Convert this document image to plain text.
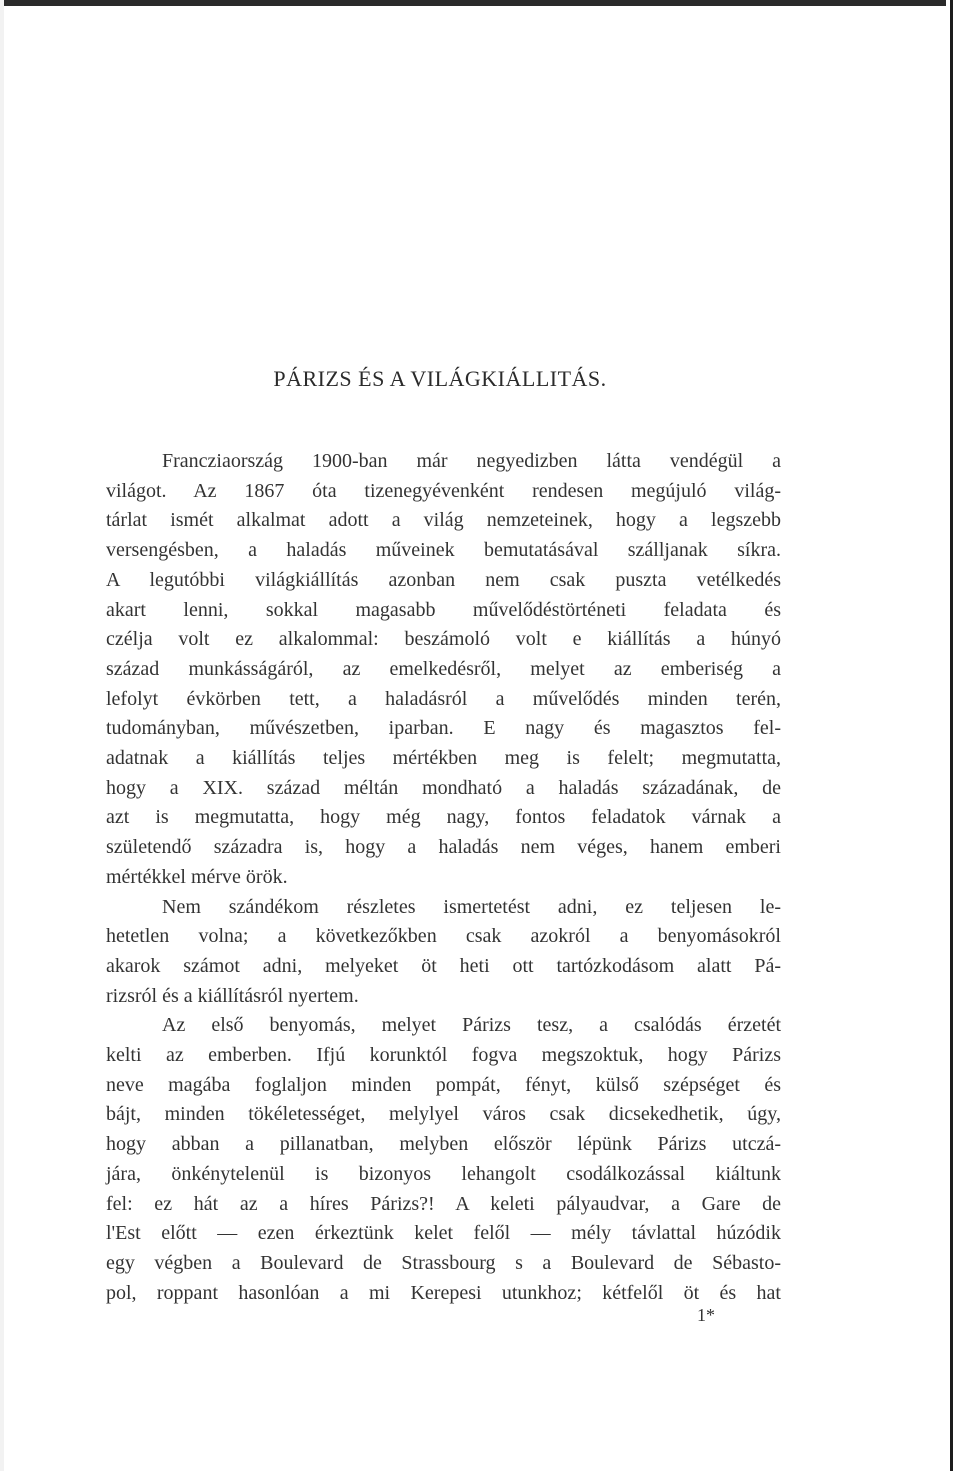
PÁRIZS ÉS A VILÁGKIÁLLITÁS.
Francziaország 1900-ban már negyedizben látta vendégül a
világot. Az 1867 óta tizenegyévenként rendesen megújuló világ-
tárlat ismét alkalmat adott a világ nemzeteinek, hogy a legszebb
versengésben, a haladás műveinek bemutatásával szálljanak síkra.
A legutóbbi világkiállítás azonban nem csak puszta vetélkedés
akart lenni, sokkal magasabb művelődéstörténeti feladata és
czélja volt ez alkalommal: beszámoló volt e kiállítás a húnyó
század munkásságáról, az emelkedésről, melyet az emberiség a
lefolyt évkörben tett, a haladásról a művelődés minden terén,
tudományban, művészetben, iparban. E nagy és magasztos fel-
adatnak a kiállítás teljes mértékben meg is felelt; megmutatta,
hogy a XIX. század méltán mondható a haladás századának, de
azt is megmutatta, hogy még nagy, fontos feladatok várnak a
születendő századra is, hogy a haladás nem véges, hanem emberi
mértékkel mérve örök.
Nem szándékom részletes ismertetést adni, ez teljesen le-
hetetlen volna; a következőkben csak azokról a benyomásokról
akarok számot adni, melyeket öt heti ott tartózkodásom alatt Pá-
rizsról és a kiállításról nyertem.
Az első benyomás, melyet Párizs tesz, a csalódás érzetét
kelti az emberben. Ifjú korunktól fogva megszoktuk, hogy Párizs
neve magába foglaljon minden pompát, fényt, külső szépséget és
bájt, minden tökéletességet, melylyel város csak dicsekedhetik, úgy,
hogy abban a pillanatban, melyben először lépünk Párizs utczá-
jára, önkénytelenül is bizonyos lehangolt csodálkozással kiáltunk
fel: ez hát az a híres Párizs?! A keleti pályaudvar, a Gare de
l'Est előtt — ezen érkeztünk kelet felől — mély távlattal húzódik
egy végben a Boulevard de Strassbourg s a Boulevard de Sébasto-
pol, roppant hasonlóan a mi Kerepesi utunkhoz; kétfelől öt és hat
1*
